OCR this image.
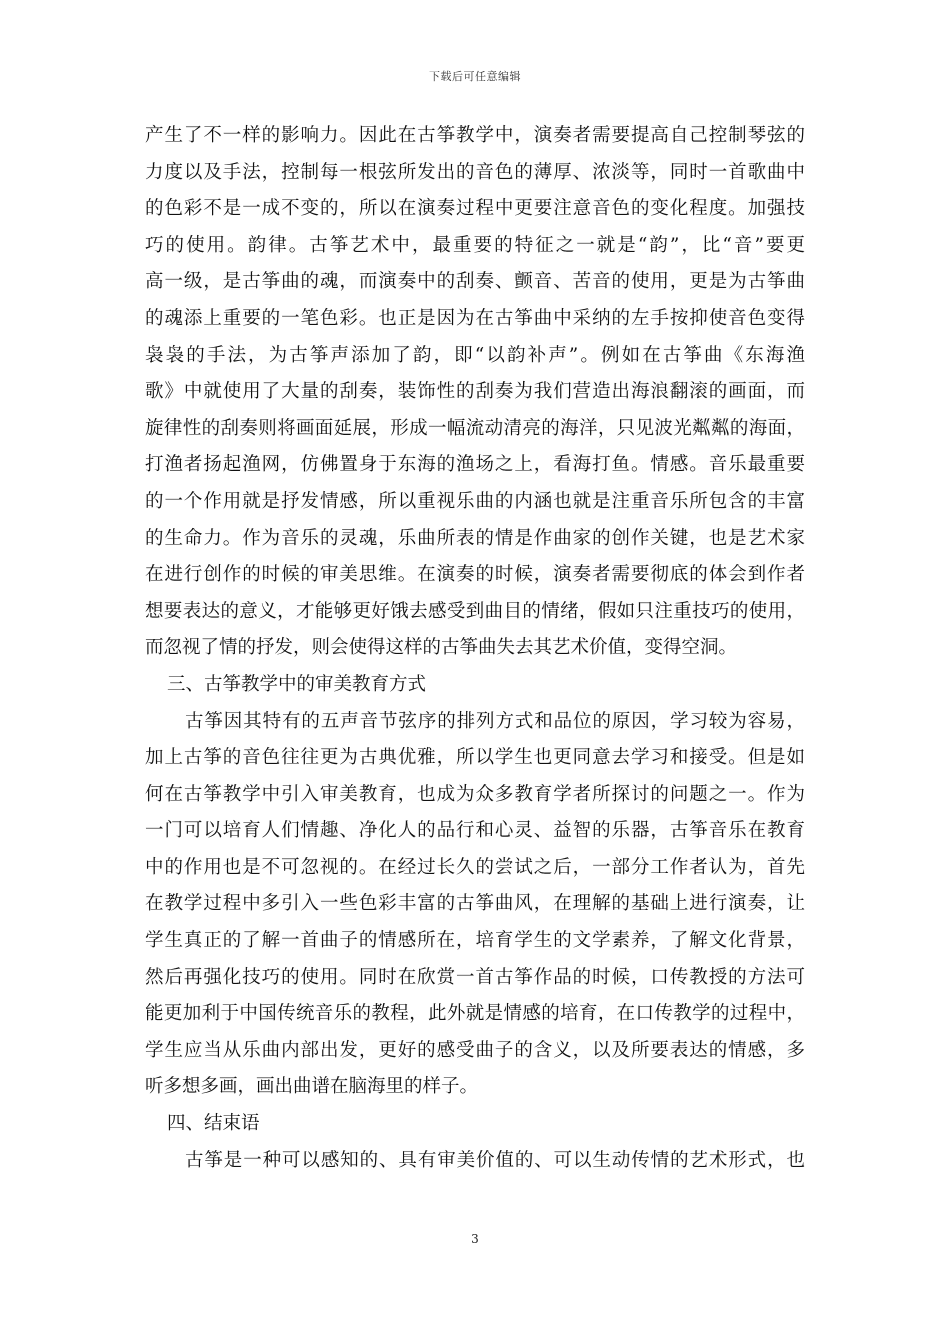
下载后可任意编辑
产生了不一样的影响力。因此在古筝教学中，演奏者需要提高自己控制琴弦的
力度以及手法，控制每一根弦所发出的音色的薄厚、浓淡等，同时一首歌曲中
的色彩不是一成不变的，所以在演奏过程中更要注意音色的变化程度。加强技
巧的使用。韵律。古筝艺术中，最重要的特征之一就是“韵”，比“音”要更
高一级，是古筝曲的魂，而演奏中的刮奏、颤音、苦音的使用，更是为古筝曲
的魂添上重要的一笔色彩。也正是因为在古筝曲中采纳的左手按抑使音色变得
袅袅的手法，为古筝声添加了韵，即“以韵补声”。例如在古筝曲《东海渔
歌》中就使用了大量的刮奏，装饰性的刮奏为我们营造出海浪翻滚的画面，而
旋律性的刮奏则将画面延展，形成一幅流动清亮的海洋，只见波光粼粼的海面，
打渔者扬起渔网，仿佛置身于东海的渔场之上，看海打鱼。情感。音乐最重要
的一个作用就是抒发情感，所以重视乐曲的内涵也就是注重音乐所包含的丰富
的生命力。作为音乐的灵魂，乐曲所表的情是作曲家的创作关键，也是艺术家
在进行创作的时候的审美思维。在演奏的时候，演奏者需要彻底的体会到作者
想要表达的意义，才能够更好饿去感受到曲目的情绪，假如只注重技巧的使用，
而忽视了情的抒发，则会使得这样的古筝曲失去其艺术价值，变得空洞。
三、古筝教学中的审美教育方式
古筝因其特有的五声音节弦序的排列方式和品位的原因，学习较为容易，
加上古筝的音色往往更为古典优雅，所以学生也更同意去学习和接受。但是如
何在古筝教学中引入审美教育，也成为众多教育学者所探讨的问题之一。作为
一门可以培育人们情趣、净化人的品行和心灵、益智的乐器，古筝音乐在教育
中的作用也是不可忽视的。在经过长久的尝试之后，一部分工作者认为，首先
在教学过程中多引入一些色彩丰富的古筝曲风，在理解的基础上进行演奏，让
学生真正的了解一首曲子的情感所在，培育学生的文学素养，了解文化背景，
然后再强化技巧的使用。同时在欣赏一首古筝作品的时候，口传教授的方法可
能更加利于中国传统音乐的教程，此外就是情感的培育，在口传教学的过程中，
学生应当从乐曲内部出发，更好的感受曲子的含义，以及所要表达的情感，多
听多想多画，画出曲谱在脑海里的样子。
四、结束语
古筝是一种可以感知的、具有审美价值的、可以生动传情的艺术形式，也
3
